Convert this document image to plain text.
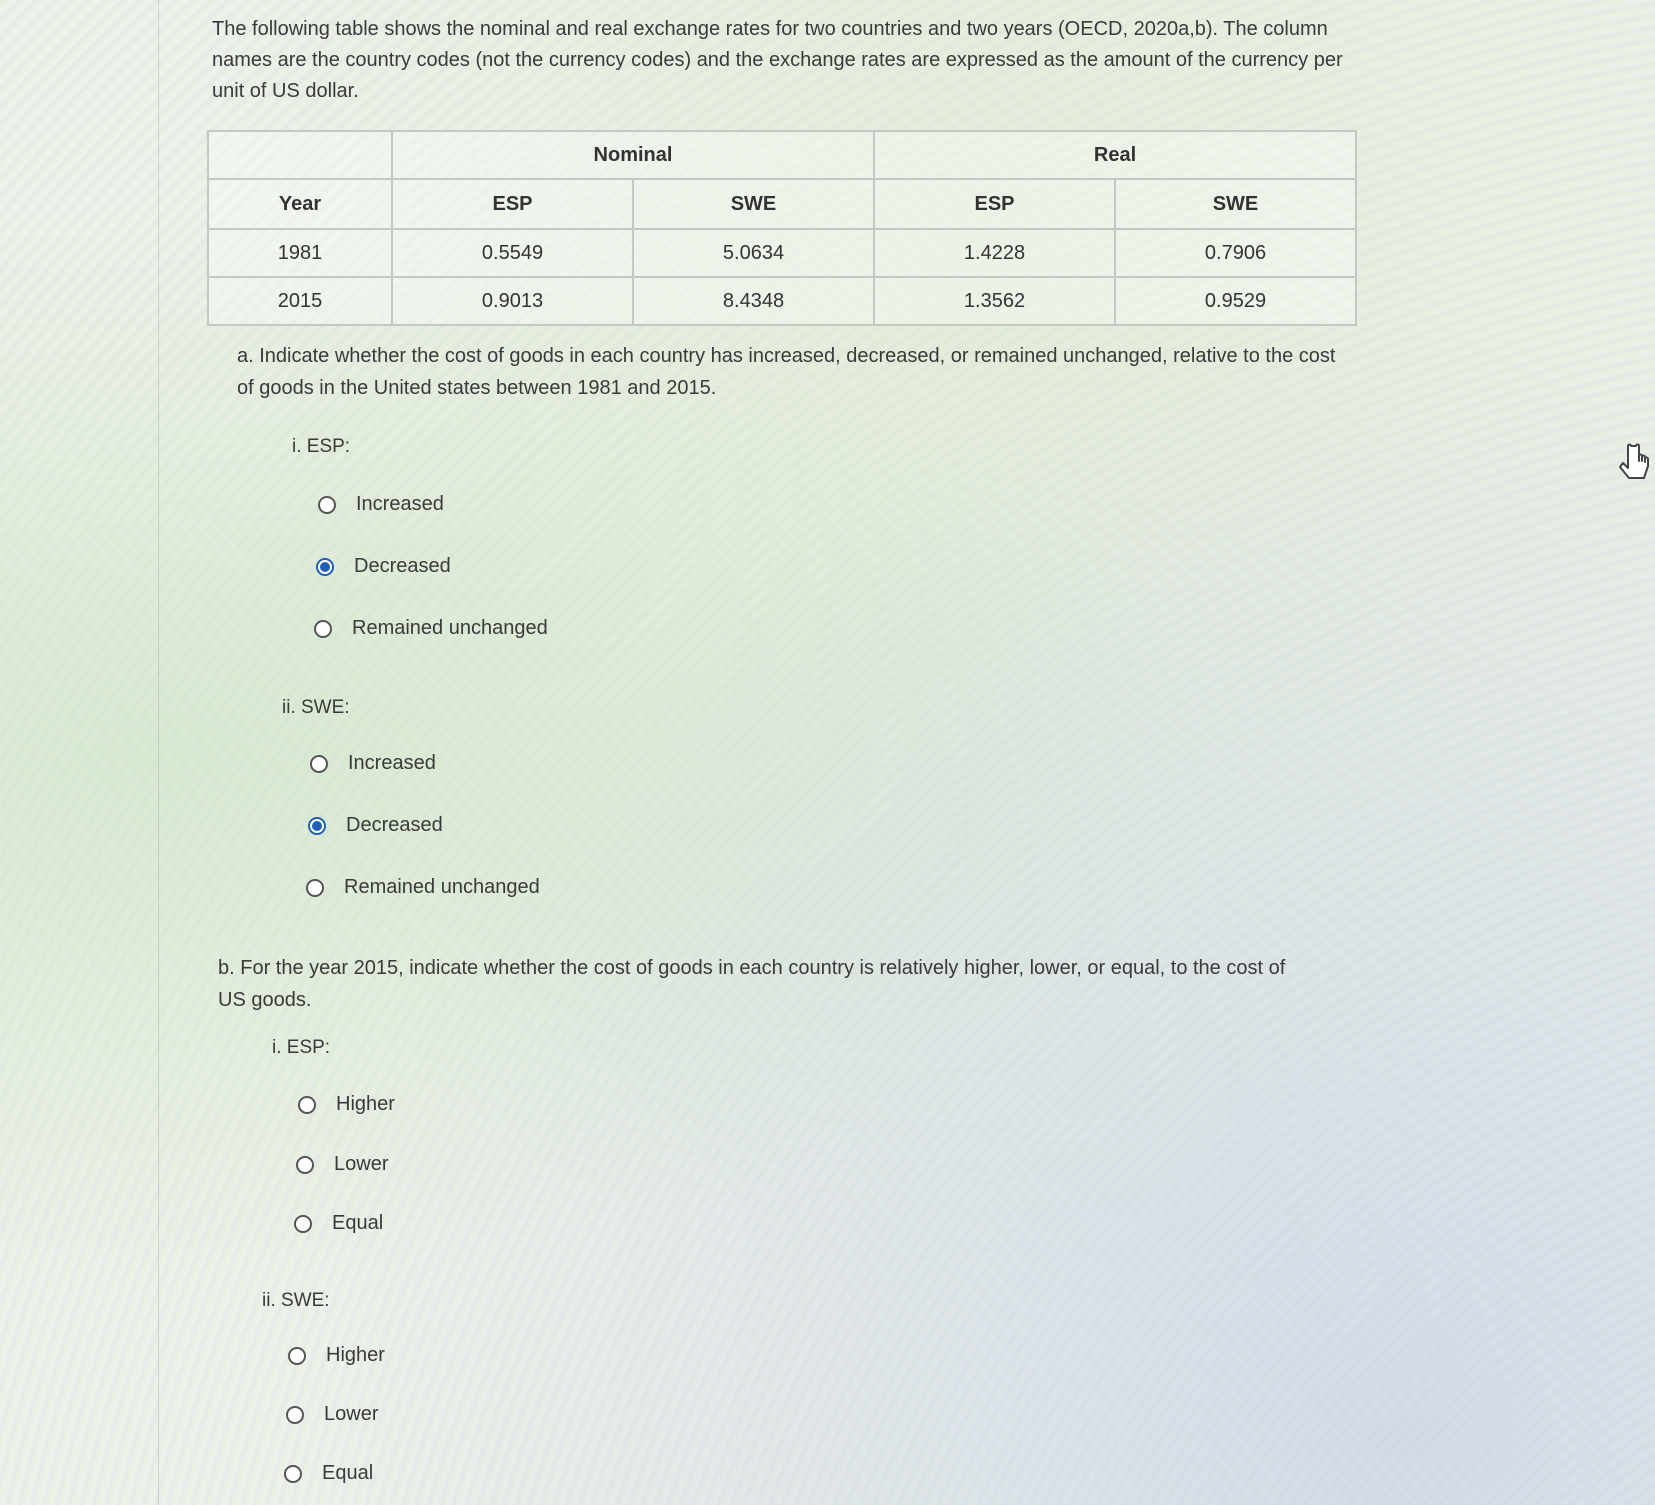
The following table shows the nominal and real exchange rates for two countries and two years (OECD, 2020a,b). The column names are the country codes (not the currency codes) and the exchange rates are expressed as the amount of the currency per unit of US dollar.

	Nominal		Real	
Year	ESP	SWE	ESP	SWE
1981	0.5549	5.0634	1.4228	0.7906
2015	0.9013	8.4348	1.3562	0.9529

a. Indicate whether the cost of goods in each country has increased, decreased, or remained unchanged, relative to the cost of goods in the United states between 1981 and 2015.

i. ESP:
Increased
Decreased
Remained unchanged
ii. SWE:
Increased
Decreased
Remained unchanged

b. For the year 2015, indicate whether the cost of goods in each country is relatively higher, lower, or equal, to the cost of US goods.

i. ESP:
Higher
Lower
Equal
ii. SWE:
Higher
Lower
Equal
